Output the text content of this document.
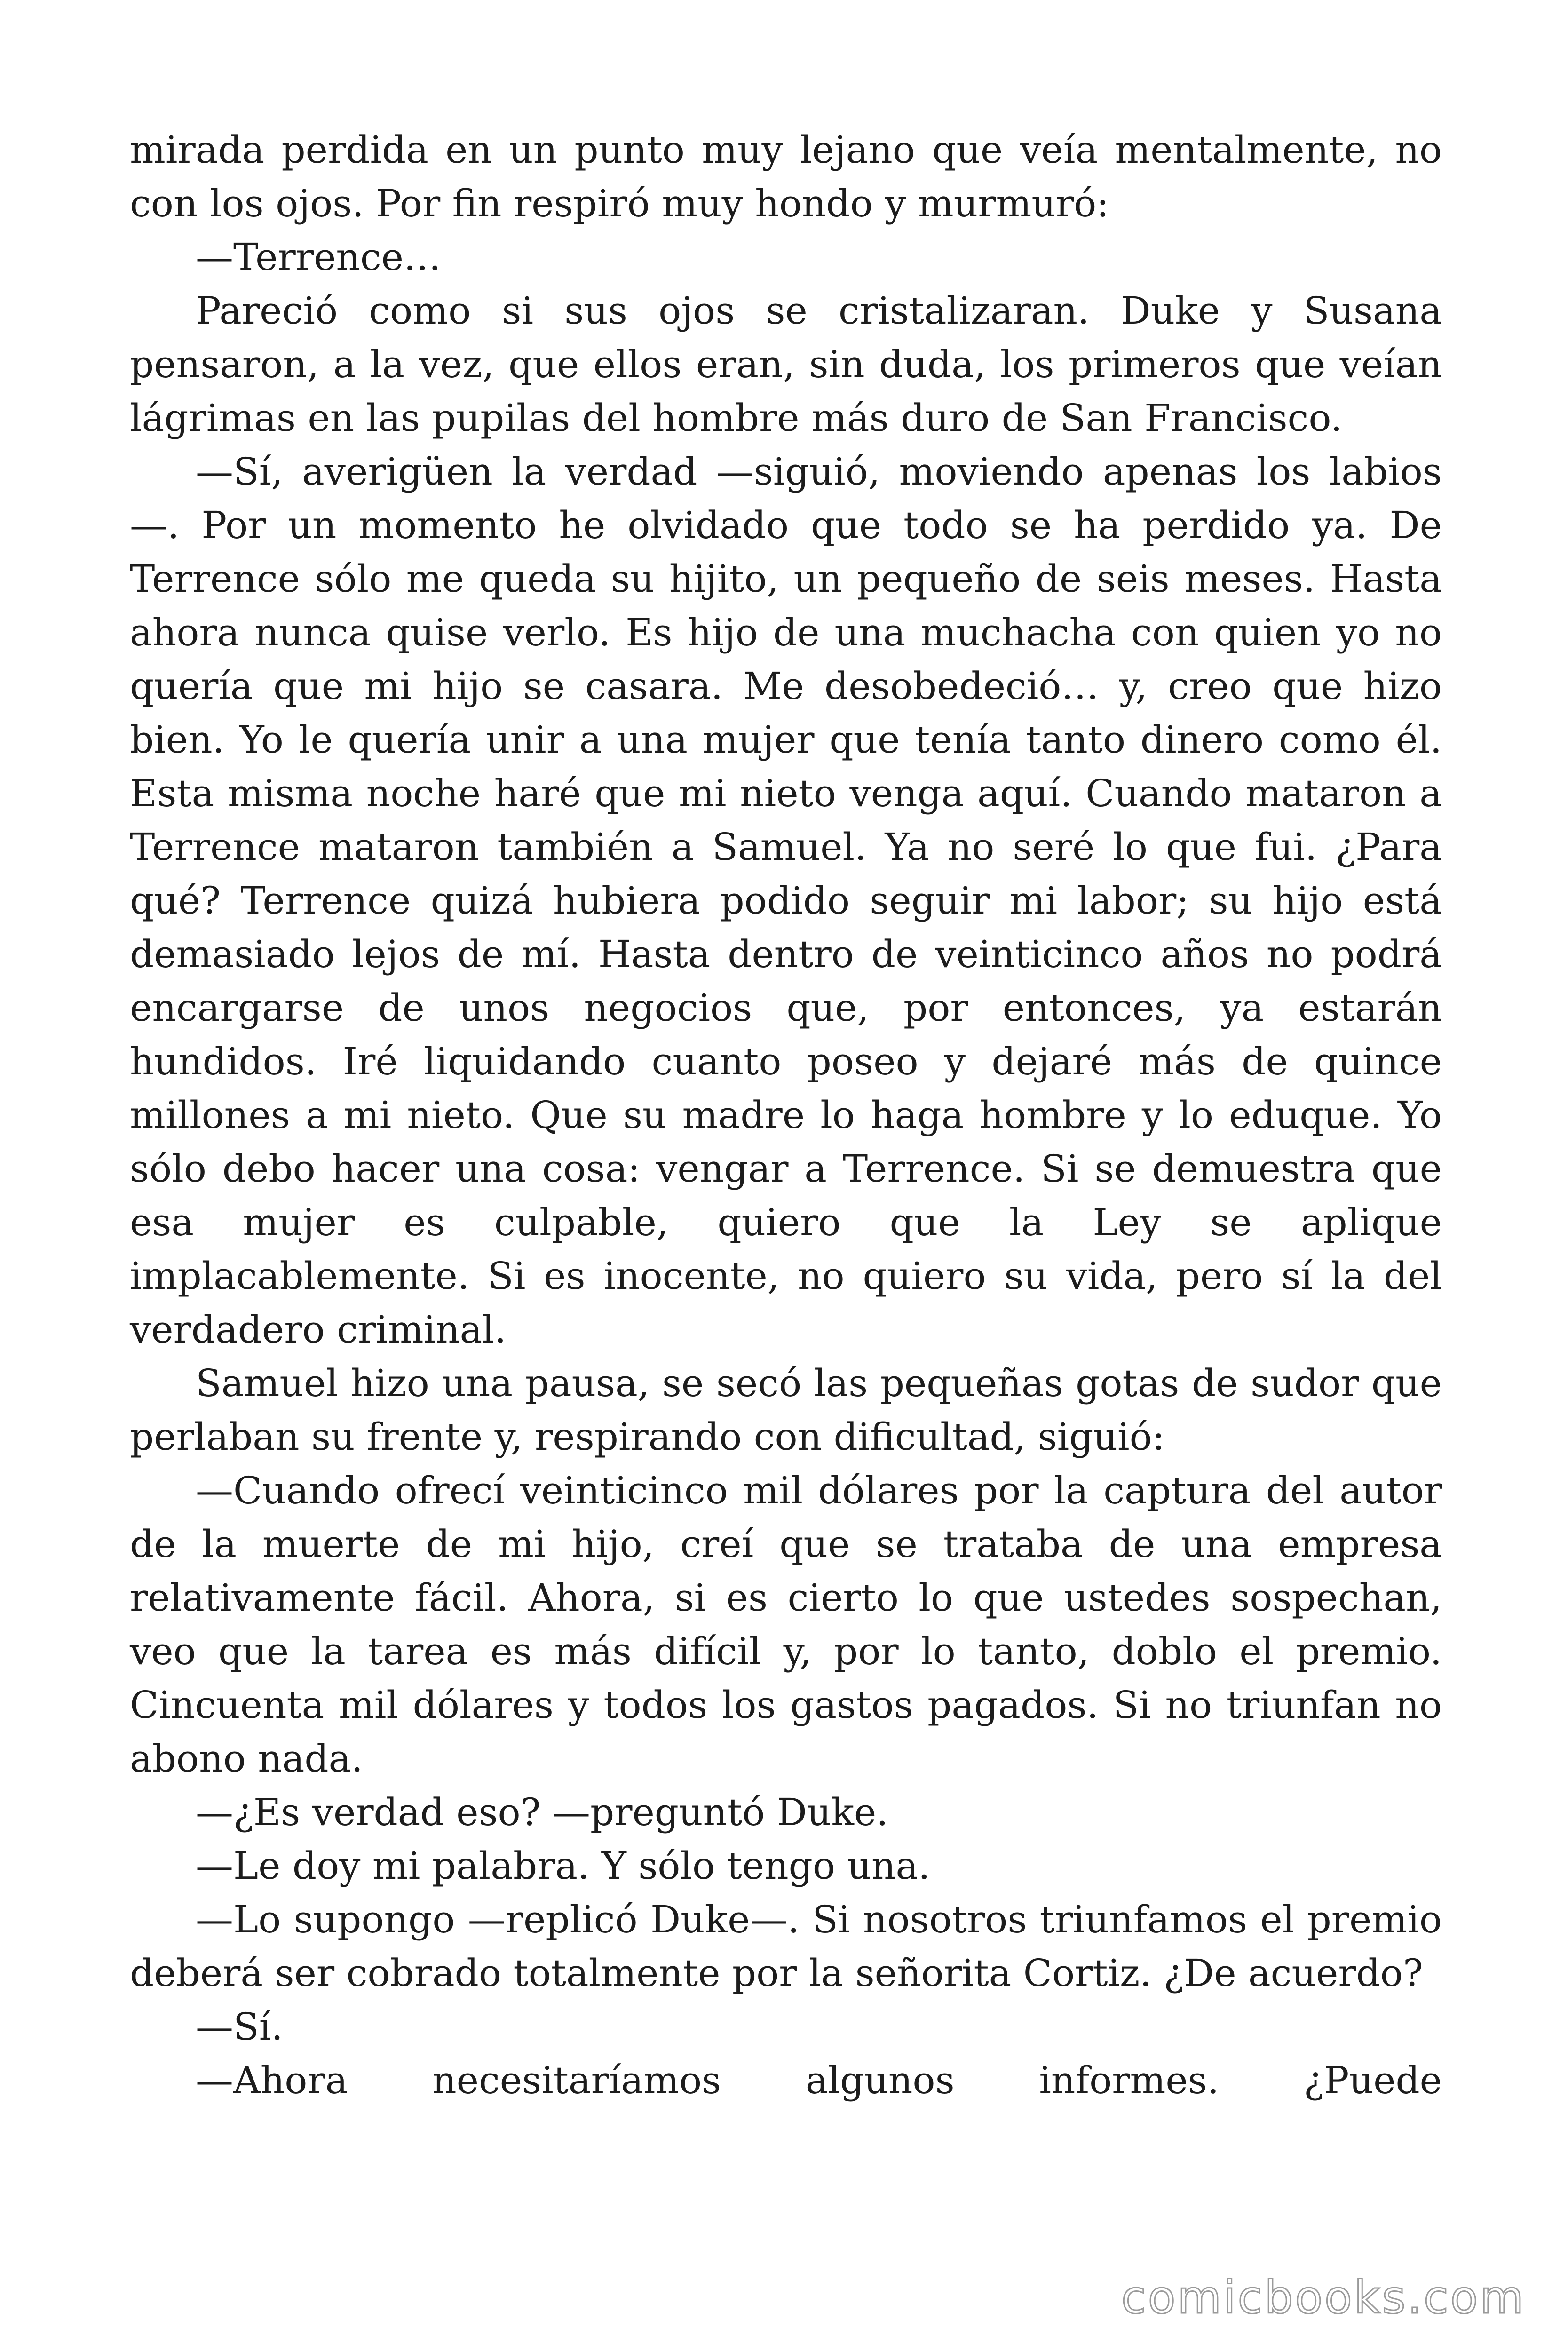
mirada perdida en un punto muy lejano que veía mentalmente, no con los ojos. Por fin respiró muy hondo y murmuró:

—Terrence…

Pareció como si sus ojos se cristalizaran. Duke y Susana pensaron, a la vez, que ellos eran, sin duda, los primeros que veían lágrimas en las pupilas del hombre más duro de San Francisco.

—Sí, averigüen la verdad —siguió, moviendo apenas los labios —. Por un momento he olvidado que todo se ha perdido ya. De Terrence sólo me queda su hijito, un pequeño de seis meses. Hasta ahora nunca quise verlo. Es hijo de una muchacha con quien yo no quería que mi hijo se casara. Me desobedeció… y, creo que hizo bien. Yo le quería unir a una mujer que tenía tanto dinero como él. Esta misma noche haré que mi nieto venga aquí. Cuando mataron a Terrence mataron también a Samuel. Ya no seré lo que fui. ¿Para qué? Terrence quizá hubiera podido seguir mi labor; su hijo está demasiado lejos de mí. Hasta dentro de veinticinco años no podrá encargarse de unos negocios que, por entonces, ya estarán hundidos. Iré liquidando cuanto poseo y dejaré más de quince millones a mi nieto. Que su madre lo haga hombre y lo eduque. Yo sólo debo hacer una cosa: vengar a Terrence. Si se demuestra que esa mujer es culpable, quiero que la Ley se aplique implacablemente. Si es inocente, no quiero su vida, pero sí la del verdadero criminal.

Samuel hizo una pausa, se secó las pequeñas gotas de sudor que perlaban su frente y, respirando con dificultad, siguió:

—Cuando ofrecí veinticinco mil dólares por la captura del autor de la muerte de mi hijo, creí que se trataba de una empresa relativamente fácil. Ahora, si es cierto lo que ustedes sospechan, veo que la tarea es más difícil y, por lo tanto, doblo el premio. Cincuenta mil dólares y todos los gastos pagados. Si no triunfan no abono nada.

—¿Es verdad eso? —preguntó Duke.

—Le doy mi palabra. Y sólo tengo una.

—Lo supongo —replicó Duke—. Si nosotros triunfamos el premio deberá ser cobrado totalmente por la señorita Cortiz. ¿De acuerdo?

—Sí.

—Ahora necesitaríamos algunos informes. ¿Puede

comicbooks.com
